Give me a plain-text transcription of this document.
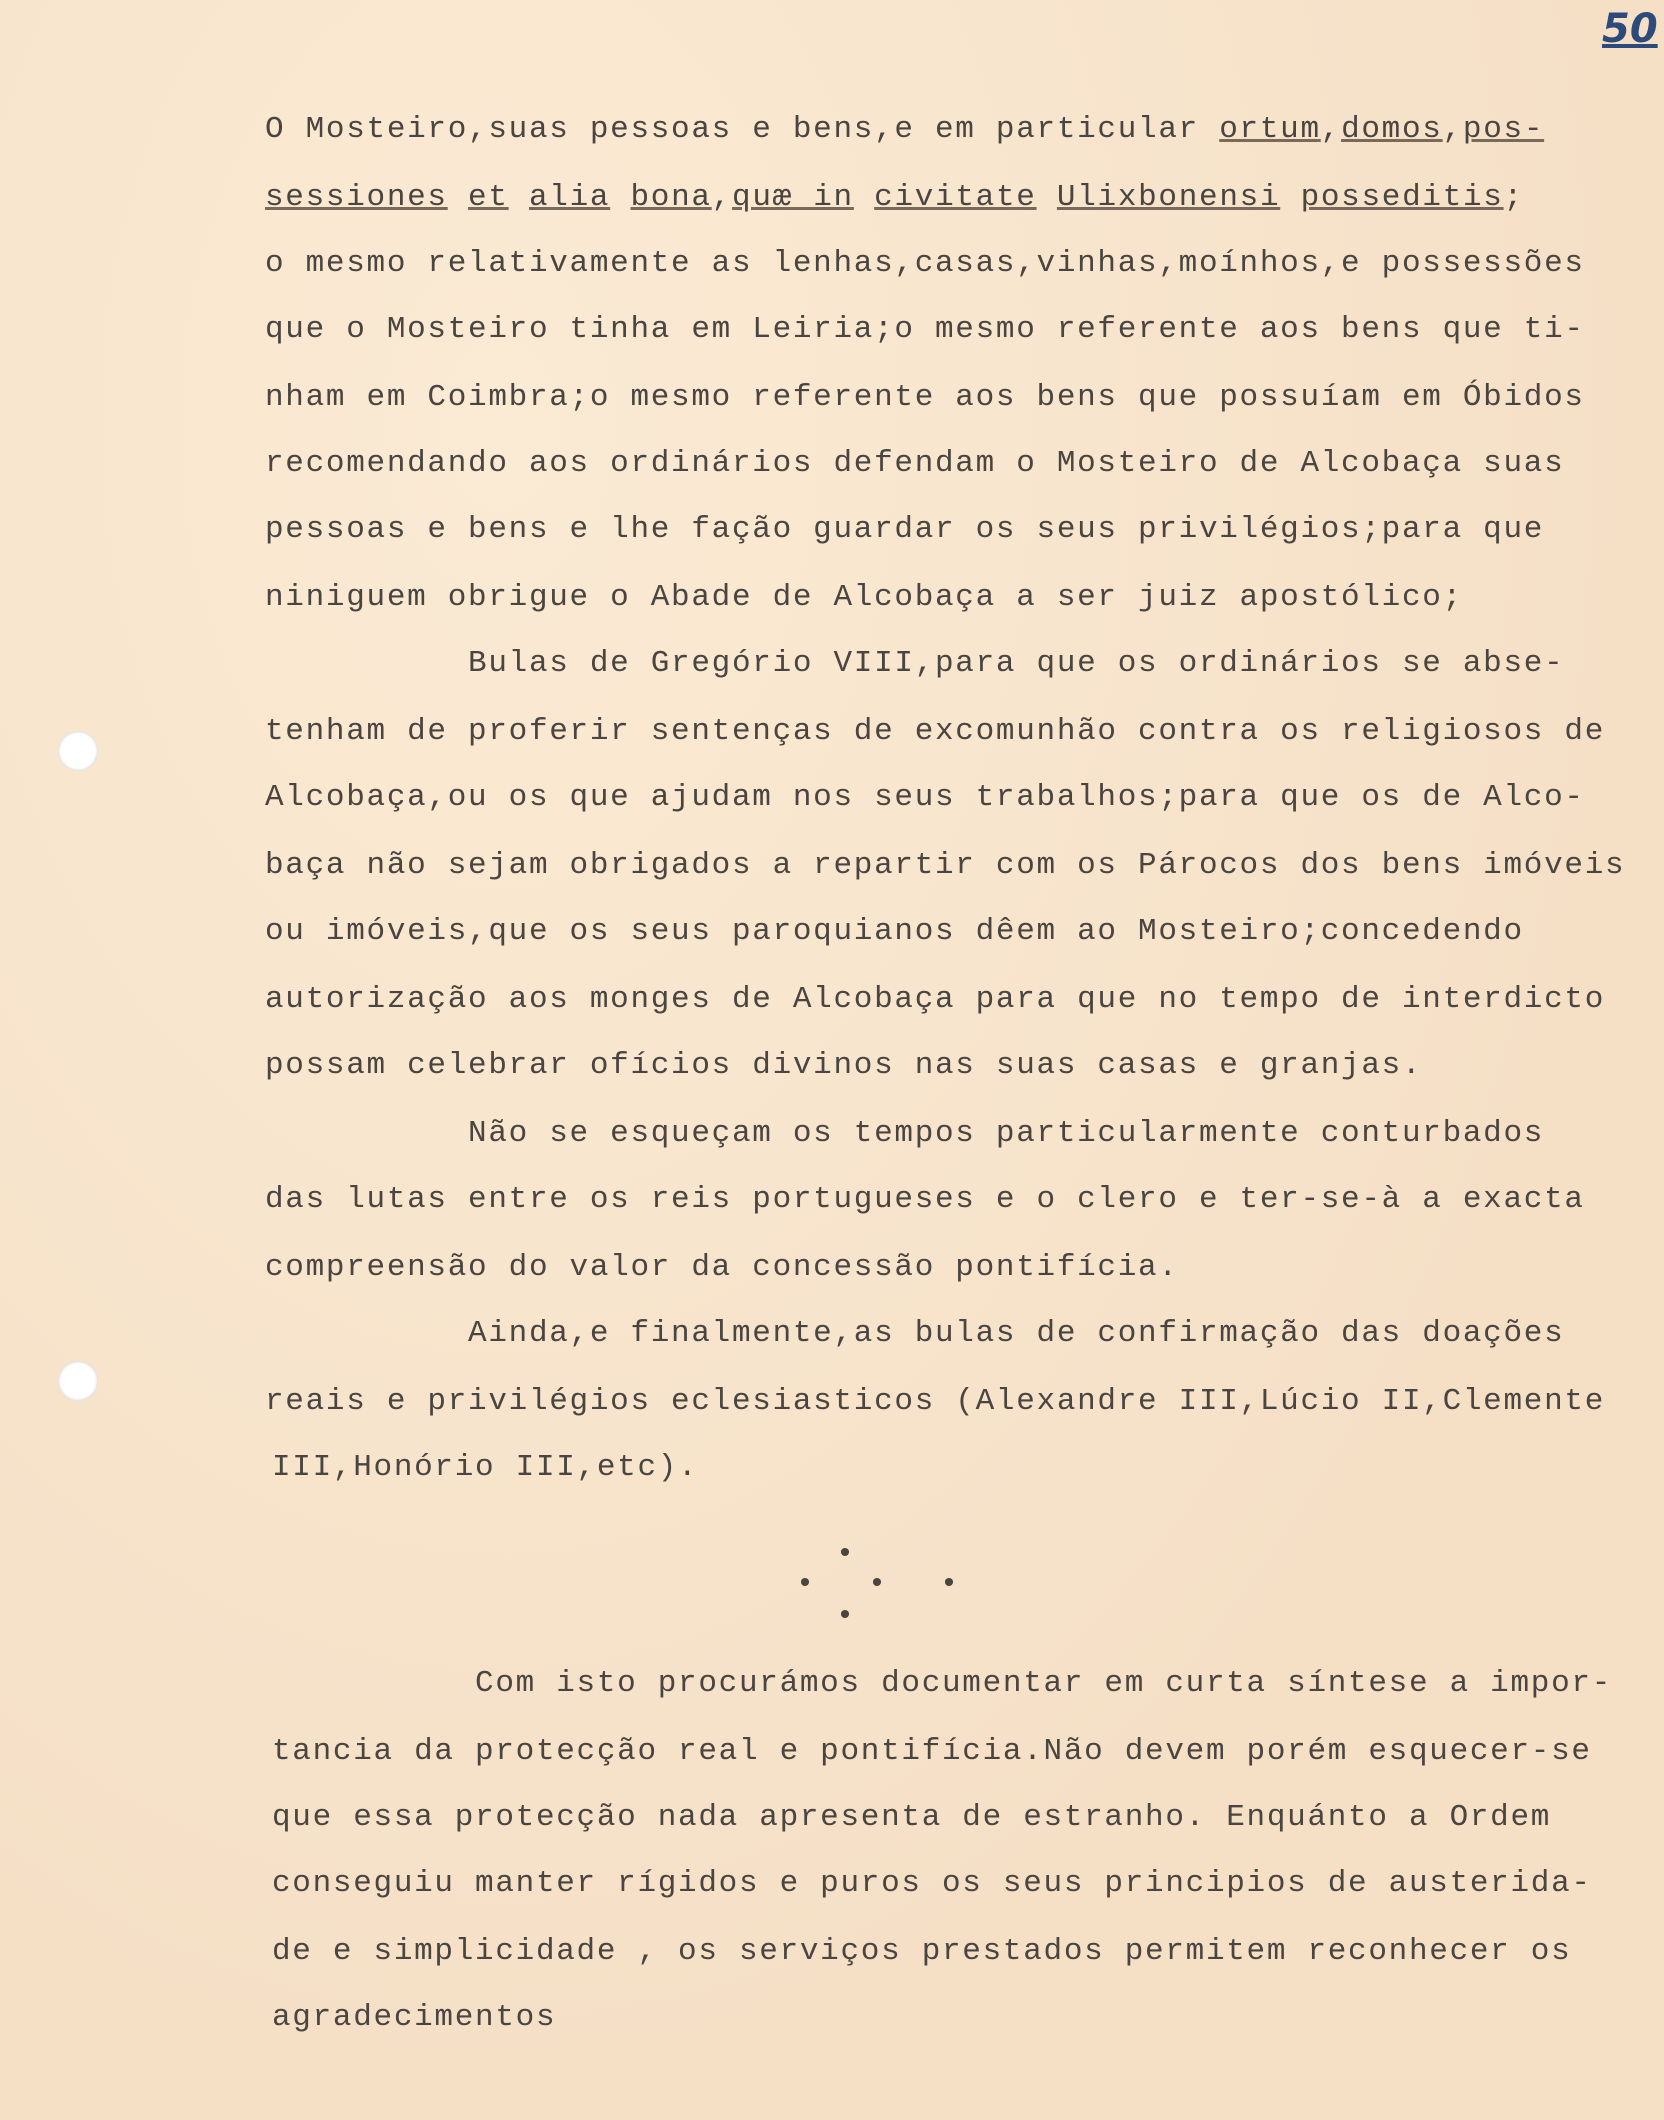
50
O Mosteiro,suas pessoas e bens,e em particular ortum,domos,pos-
sessiones et alia bona,quæ in civitate Ulixbonensi posseditis;
o mesmo relativamente as lenhas,casas,vinhas,moínhos,e possessões
que o Mosteiro tinha em Leiria;o mesmo referente aos bens que ti-
nham em Coimbra;o mesmo referente aos bens que possuíam em Óbidos
recomendando aos ordinários defendam o Mosteiro de Alcobaça suas
pessoas e bens e lhe fação guardar os seus privilégios;para que
niniguem obrigue o Abade de Alcobaça a ser juiz apostólico;
Bulas de Gregório VIII,para que os ordinários se abse-
tenham de proferir sentenças de excomunhão contra os religiosos de
Alcobaça,ou os que ajudam nos seus trabalhos;para que os de Alco-
baça não sejam obrigados a repartir com os Párocos dos bens imóveis
ou imóveis,que os seus paroquianos dêem ao Mosteiro;concedendo
autorização aos monges de Alcobaça para que no tempo de interdicto
possam celebrar ofícios divinos nas suas casas e granjas.
Não se esqueçam os tempos particularmente conturbados
das lutas entre os reis portugueses e o clero e ter-se-à a exacta
compreensão do valor da concessão pontifícia.
Ainda,e finalmente,as bulas de confirmação das doações
reais e privilégios eclesiasticos (Alexandre III,Lúcio II,Clemente
III,Honório III,etc).
Com isto procurámos documentar em curta síntese a impor-
tancia da protecção real e pontifícia.Não devem porém esquecer-se
que essa protecção nada apresenta de estranho. Enquánto a Ordem
conseguiu manter rígidos e puros os seus principios de austerida-
de e simplicidade , os serviços prestados permitem reconhecer os
agradecimentos
•
• • •
•
